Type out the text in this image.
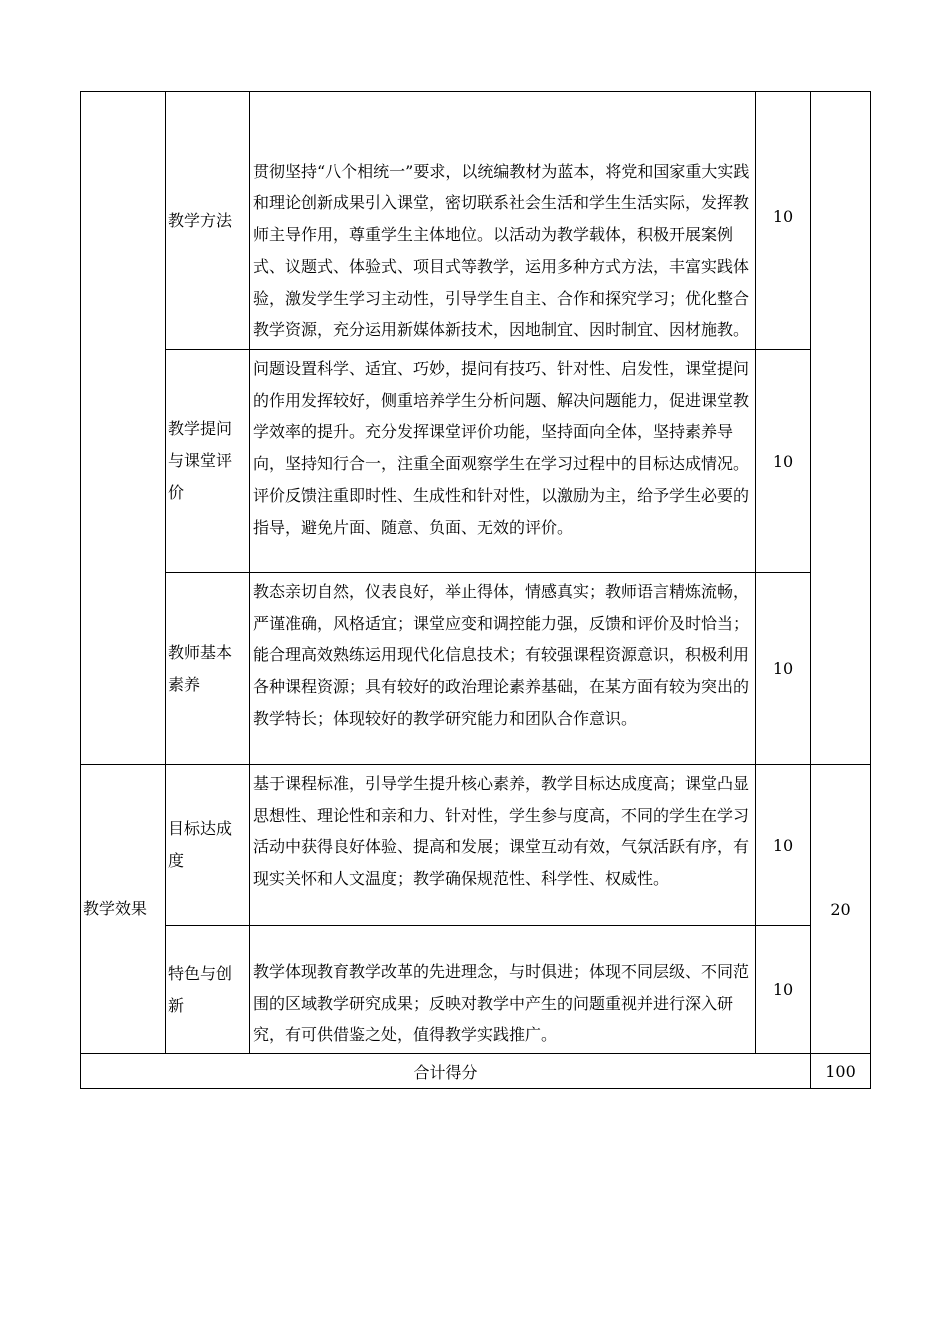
	教学方法	贯彻坚持“八个相统一”要求，以统编教材为蓝本，将党和国家重大实践和理论创新成果引入课堂，密切联系社会生活和学生生活实际，发挥教师主导作用，尊重学生主体地位。以活动为教学载体，积极开展案例式、议题式、体验式、项目式等教学，运用多种方式方法，丰富实践体验，激发学生学习主动性，引导学生自主、合作和探究学习；优化整合教学资源，充分运用新媒体新技术，因地制宜、因时制宜、因材施教。	10	
	教学提问与课堂评价	问题设置科学、适宜、巧妙，提问有技巧、针对性、启发性，课堂提问的作用发挥较好，侧重培养学生分析问题、解决问题能力，促进课堂教学效率的提升。充分发挥课堂评价功能，坚持面向全体，坚持素养导向，坚持知行合一，注重全面观察学生在学习过程中的目标达成情况。评价反馈注重即时性、生成性和针对性，以激励为主，给予学生必要的指导，避免片面、随意、负面、无效的评价。	10	
	教师基本素养	教态亲切自然，仪表良好，举止得体，情感真实；教师语言精炼流畅，严谨准确，风格适宜；课堂应变和调控能力强，反馈和评价及时恰当；能合理高效熟练运用现代化信息技术；有较强课程资源意识，积极利用各种课程资源；具有较好的政治理论素养基础，在某方面有较为突出的教学特长；体现较好的教学研究能力和团队合作意识。	10	
教学效果	目标达成度	基于课程标准，引导学生提升核心素养，教学目标达成度高；课堂凸显思想性、理论性和亲和力、针对性，学生参与度高，不同的学生在学习活动中获得良好体验、提高和发展；课堂互动有效，气氛活跃有序，有现实关怀和人文温度；教学确保规范性、科学性、权威性。	10	20
	特色与创新	教学体现教育教学改革的先进理念，与时俱进；体现不同层级、不同范围的区域教学研究成果；反映对教学中产生的问题重视并进行深入研究，有可供借鉴之处，值得教学实践推广。	10	
合计得分				100
